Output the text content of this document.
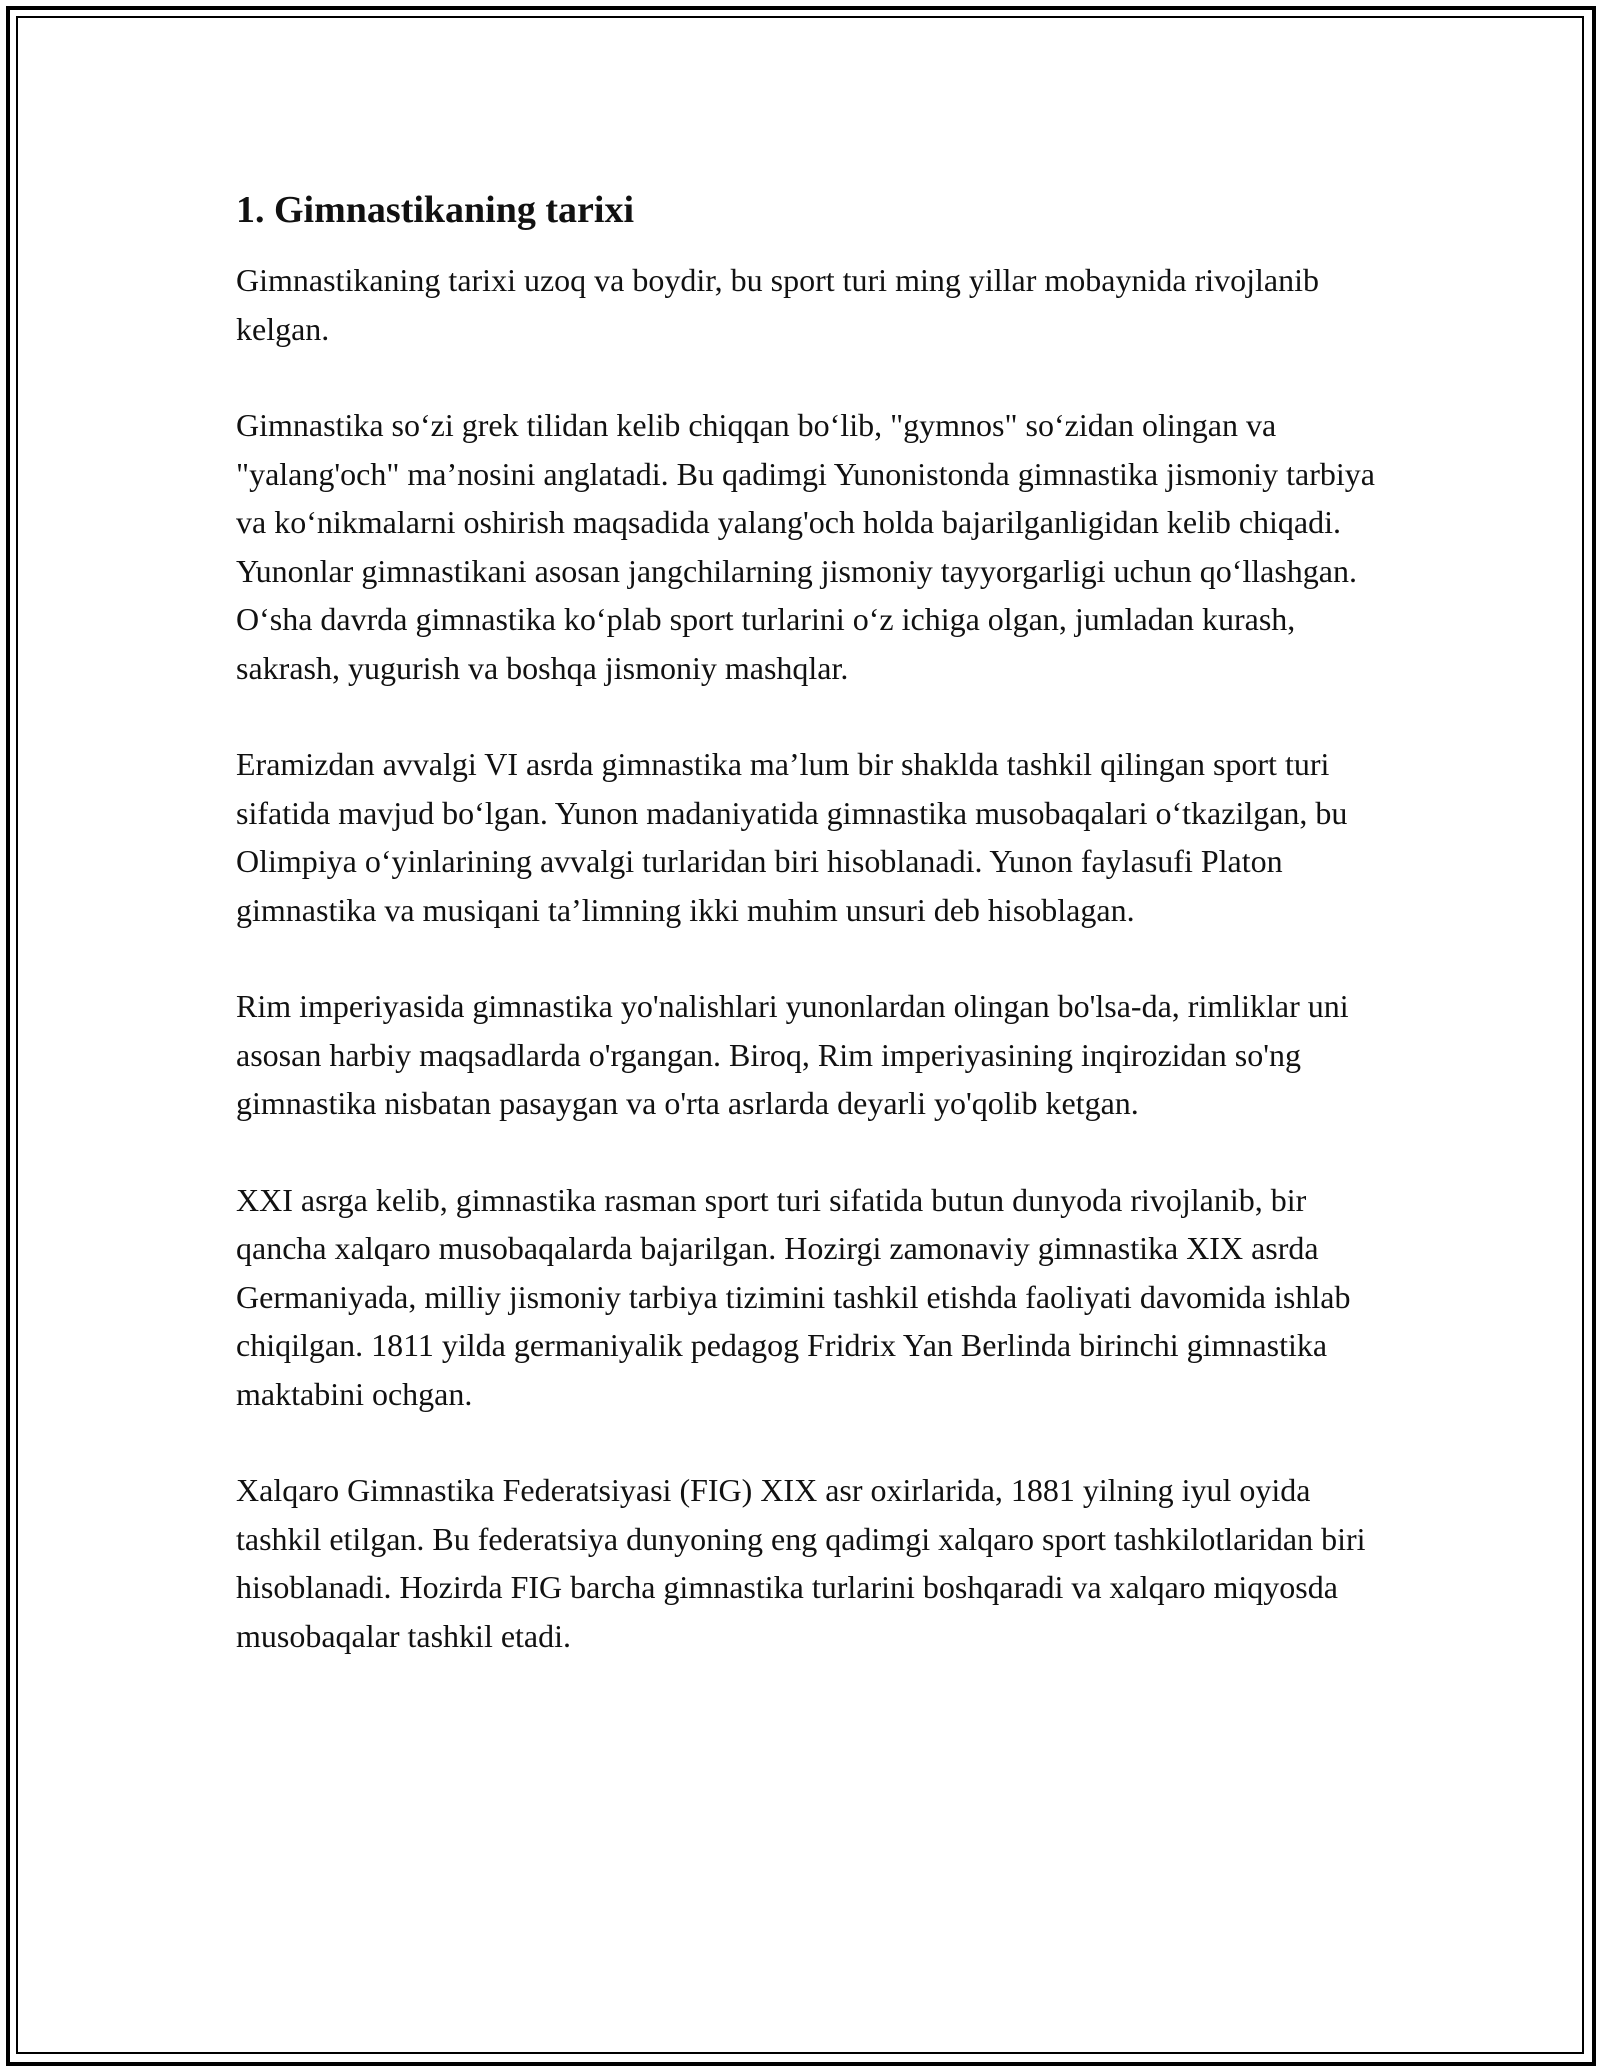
1. Gimnastikaning tarixi

Gimnastikaning tarixi uzoq va boydir, bu sport turi ming yillar mobaynida rivojlanib kelgan.

Gimnastika so‘zi grek tilidan kelib chiqqan bo‘lib, "gymnos" so‘zidan olingan va "yalang'och" ma’nosini anglatadi. Bu qadimgi Yunonistonda gimnastika jismoniy tarbiya va ko‘nikmalarni oshirish maqsadida yalang'och holda bajarilganligidan kelib chiqadi. Yunonlar gimnastikani asosan jangchilarning jismoniy tayyorgarligi uchun qo‘llashgan. O‘sha davrda gimnastika ko‘plab sport turlarini o‘z ichiga olgan, jumladan kurash, sakrash, yugurish va boshqa jismoniy mashqlar.

Eramizdan avvalgi VI asrda gimnastika ma’lum bir shaklda tashkil qilingan sport turi sifatida mavjud bo‘lgan. Yunon madaniyatida gimnastika musobaqalari o‘tkazilgan, bu Olimpiya o‘yinlarining avvalgi turlaridan biri hisoblanadi. Yunon faylasufi Platon gimnastika va musiqani ta’limning ikki muhim unsuri deb hisoblagan.

Rim imperiyasida gimnastika yo'nalishlari yunonlardan olingan bo'lsa-da, rimliklar uni asosan harbiy maqsadlarda o'rgangan. Biroq, Rim imperiyasining inqirozidan so'ng gimnastika nisbatan pasaygan va o'rta asrlarda deyarli yo'qolib ketgan.

XXI asrga kelib, gimnastika rasman sport turi sifatida butun dunyoda rivojlanib, bir qancha xalqaro musobaqalarda bajarilgan. Hozirgi zamonaviy gimnastika XIX asrda Germaniyada, milliy jismoniy tarbiya tizimini tashkil etishda faoliyati davomida ishlab chiqilgan. 1811 yilda germaniyalik pedagog Fridrix Yan Berlinda birinchi gimnastika maktabini ochgan.

Xalqaro Gimnastika Federatsiyasi (FIG) XIX asr oxirlarida, 1881 yilning iyul oyida tashkil etilgan. Bu federatsiya dunyoning eng qadimgi xalqaro sport tashkilotlaridan biri hisoblanadi. Hozirda FIG barcha gimnastika turlarini boshqaradi va xalqaro miqyosda musobaqalar tashkil etadi.
